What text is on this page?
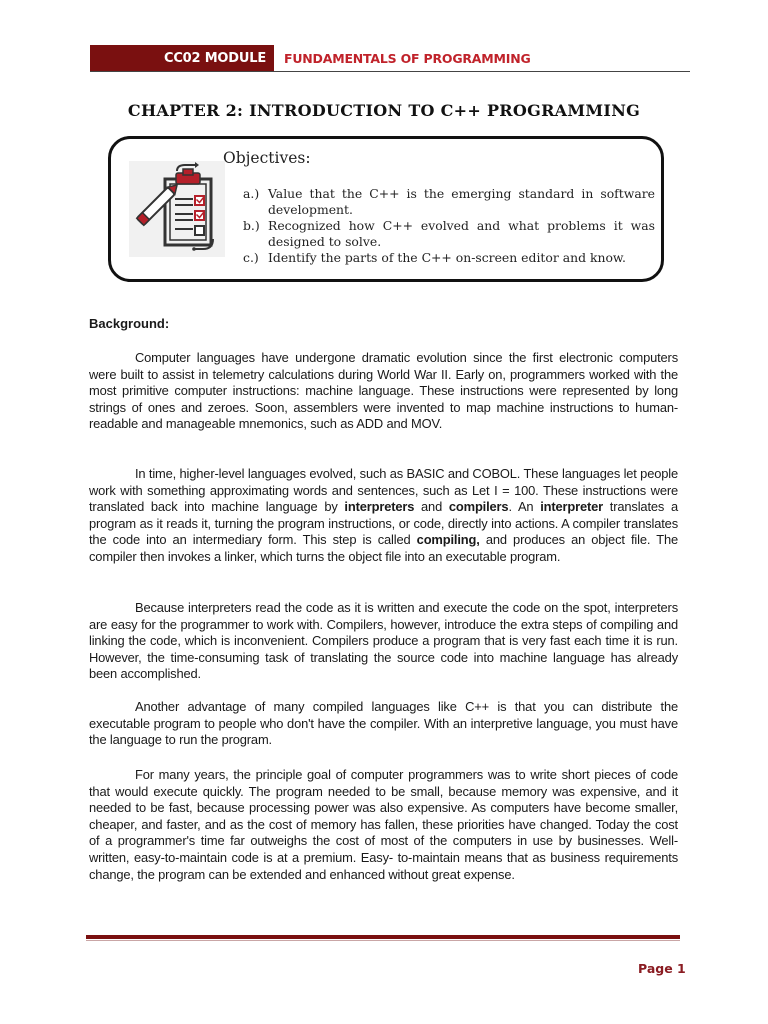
CC02 MODULE	FUNDAMENTALS OF PROGRAMMING
CHAPTER 2: INTRODUCTION TO C++ PROGRAMMING
Objectives:
a.) Value that the C++ is the emerging standard in software development.
b.) Recognized how C++ evolved and what problems it was designed to solve.
c.) Identify the parts of the C++ on-screen editor and know.
Background:

Computer languages have undergone dramatic evolution since the first electronic computers were built to assist in telemetry calculations during World War II. Early on, programmers worked with the most primitive computer instructions: machine language. These instructions were represented by long strings of ones and zeroes. Soon, assemblers were invented to map machine instructions to human-readable and manageable mnemonics, such as ADD and MOV.

In time, higher-level languages evolved, such as BASIC and COBOL. These languages let people work with something approximating words and sentences, such as Let I = 100. These instructions were translated back into machine language by interpreters and compilers. An interpreter translates a program as it reads it, turning the program instructions, or code, directly into actions. A compiler translates the code into an intermediary form. This step is called compiling, and produces an object file. The compiler then invokes a linker, which turns the object file into an executable program.

Because interpreters read the code as it is written and execute the code on the spot, interpreters are easy for the programmer to work with. Compilers, however, introduce the extra steps of compiling and linking the code, which is inconvenient. Compilers produce a program that is very fast each time it is run. However, the time-consuming task of translating the source code into machine language has already been accomplished.

Another advantage of many compiled languages like C++ is that you can distribute the executable program to people who don't have the compiler. With an interpretive language, you must have the language to run the program.

For many years, the principle goal of computer programmers was to write short pieces of code that would execute quickly. The program needed to be small, because memory was expensive, and it needed to be fast, because processing power was also expensive. As computers have become smaller, cheaper, and faster, and as the cost of memory has fallen, these priorities have changed. Today the cost of a programmer's time far outweighs the cost of most of the computers in use by businesses. Well-written, easy-to-maintain code is at a premium. Easy- to-maintain means that as business requirements change, the program can be extended and enhanced without great expense.

Page 1
